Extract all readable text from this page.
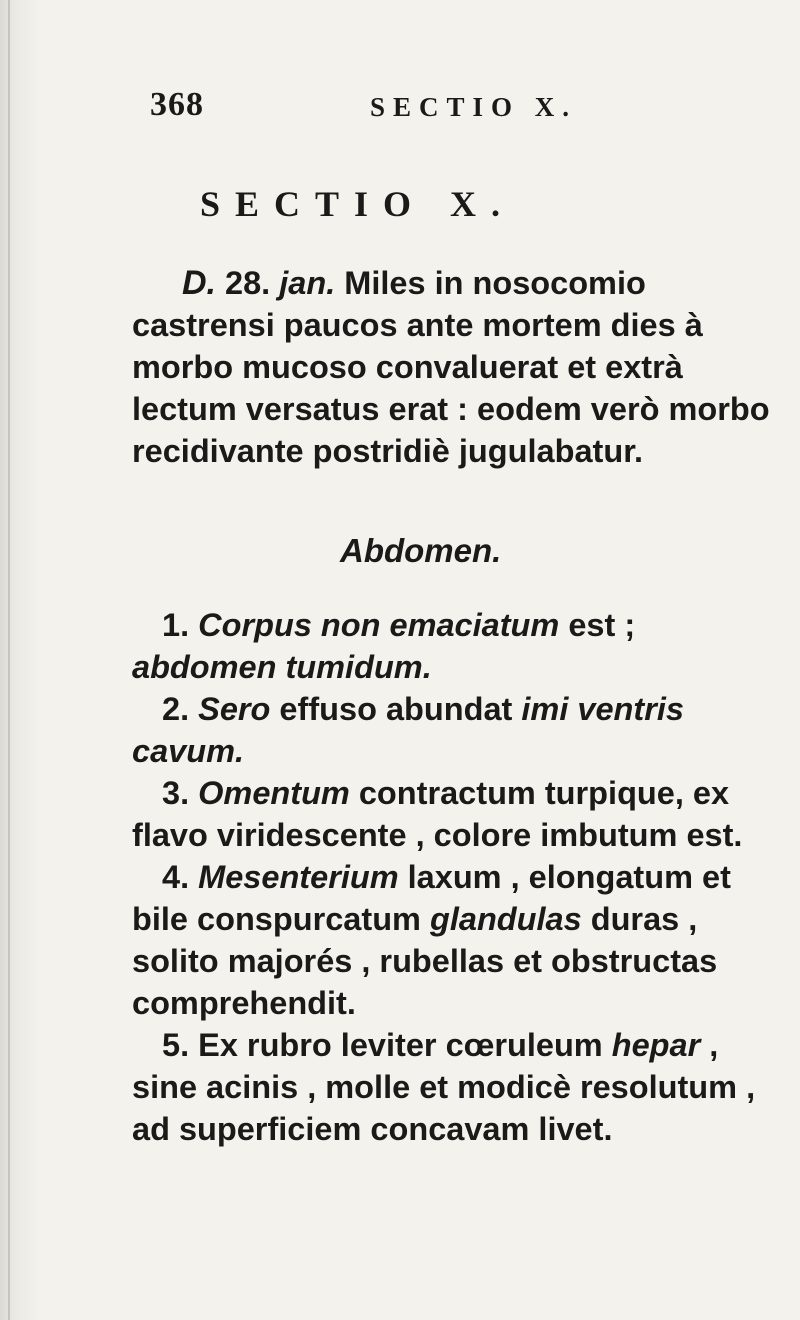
368	SECTIO X.
SECTIO X.

D. 28. jan. Miles in nosocomio castrensi paucos ante mortem dies à morbo mucoso convaluerat et extrà lectum versatus erat : eodem verò morbo recidivante postridiè jugulabatur.

Abdomen.

1. Corpus non emaciatum est ; abdomen tumidum.

2. Sero effuso abundat imi ventris cavum.

3. Omentum contractum turpique, ex flavo viridescente , colore imbutum est.

4. Mesenterium laxum , elongatum et bile conspurcatum glandulas duras , solito majorés , rubellas et obstructas comprehendit.

5. Ex rubro leviter cœruleum hepar , sine acinis , molle et modicè resolutum , ad superficiem concavam livet.
